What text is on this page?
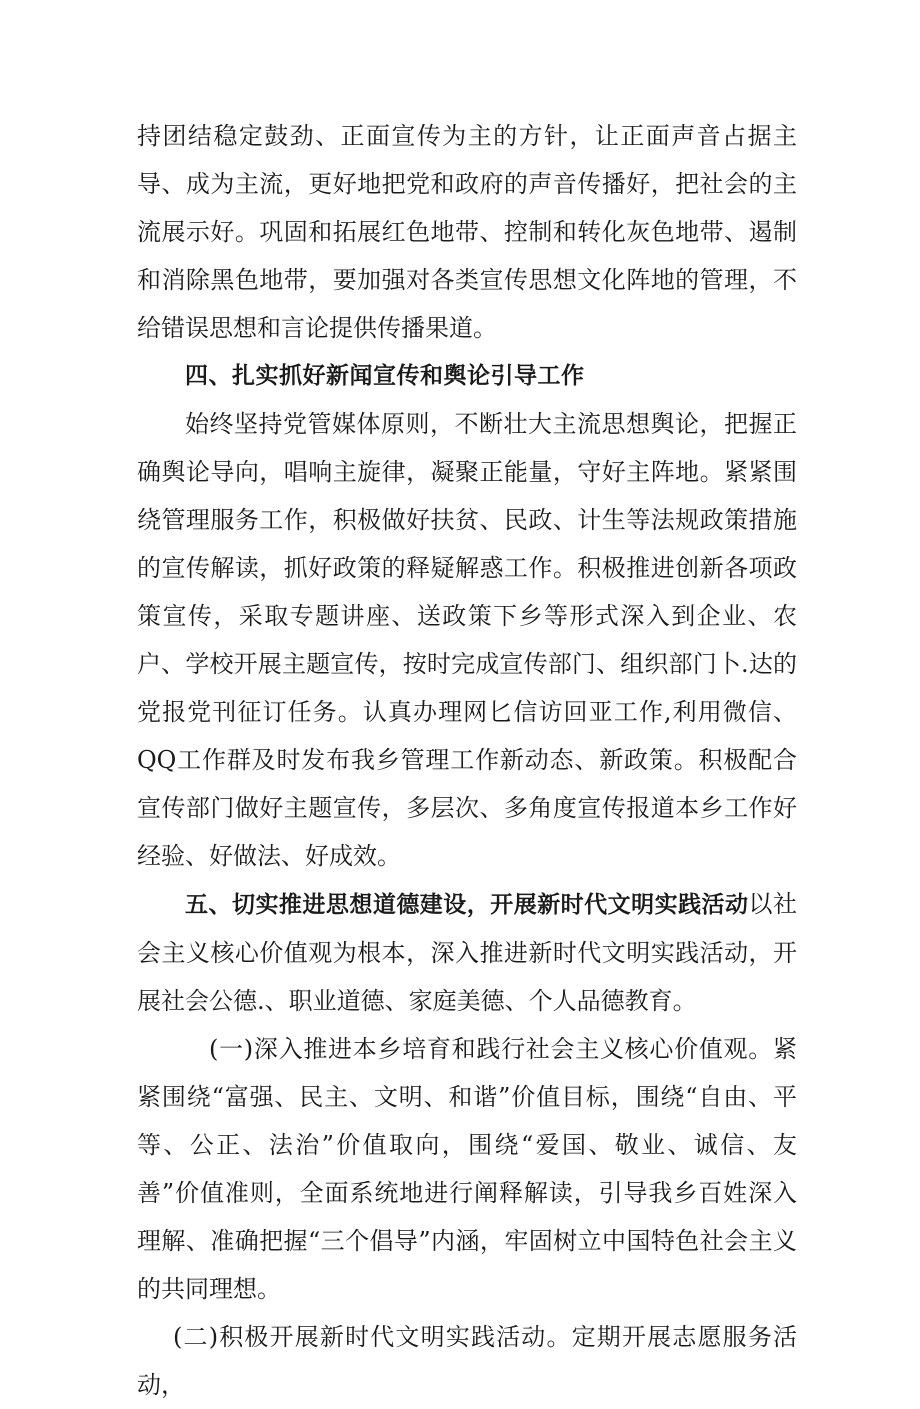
持团结稳定鼓劲、正面宣传为主的方针，让正面声音占据主导、成为主流，更好地把党和政府的声音传播好，把社会的主流展示好。巩固和拓展红色地带、控制和转化灰色地带、遏制和消除黑色地带，要加强对各类宣传思想文化阵地的管理，不给错误思想和言论提供传播果道。

四、扎实抓好新闻宣传和舆论引导工作

始终坚持党管媒体原则，不断壮大主流思想舆论，把握正确舆论导向，唱响主旋律，凝聚正能量，守好主阵地。紧紧围绕管理服务工作，积极做好扶贫、民政、计生等法规政策措施的宣传解读，抓好政策的释疑解惑工作。积极推进创新各项政策宣传，采取专题讲座、送政策下乡等形式深入到企业、农户、学校开展主题宣传，按时完成宣传部门、组织部门卜.达的党报党刊征订任务。认真办理网匕信访回亚工作,利用微信、QQ工作群及时发布我乡管理工作新动态、新政策。积极配合宣传部门做好主题宣传，多层次、多角度宣传报道本乡工作好经验、好做法、好成效。

五、切实推进思想道德建设，开展新时代文明实践活动以社会主义核心价值观为根本，深入推进新时代文明实践活动，开展社会公德.、职业道德、家庭美德、个人品德教育。

(一)深入推进本乡培育和践行社会主义核心价值观。紧紧围绕“富强、民主、文明、和谐”价值目标，围绕“自由、平等、公正、法治”价值取向，围绕“爱国、敬业、诚信、友善”价值准则，全面系统地进行阐释解读，引导我乡百姓深入理解、准确把握“三个倡导”内涵，牢固树立中国特色社会主义的共同理想。

(二)积极开展新时代文明实践活动。定期开展志愿服务活动，
